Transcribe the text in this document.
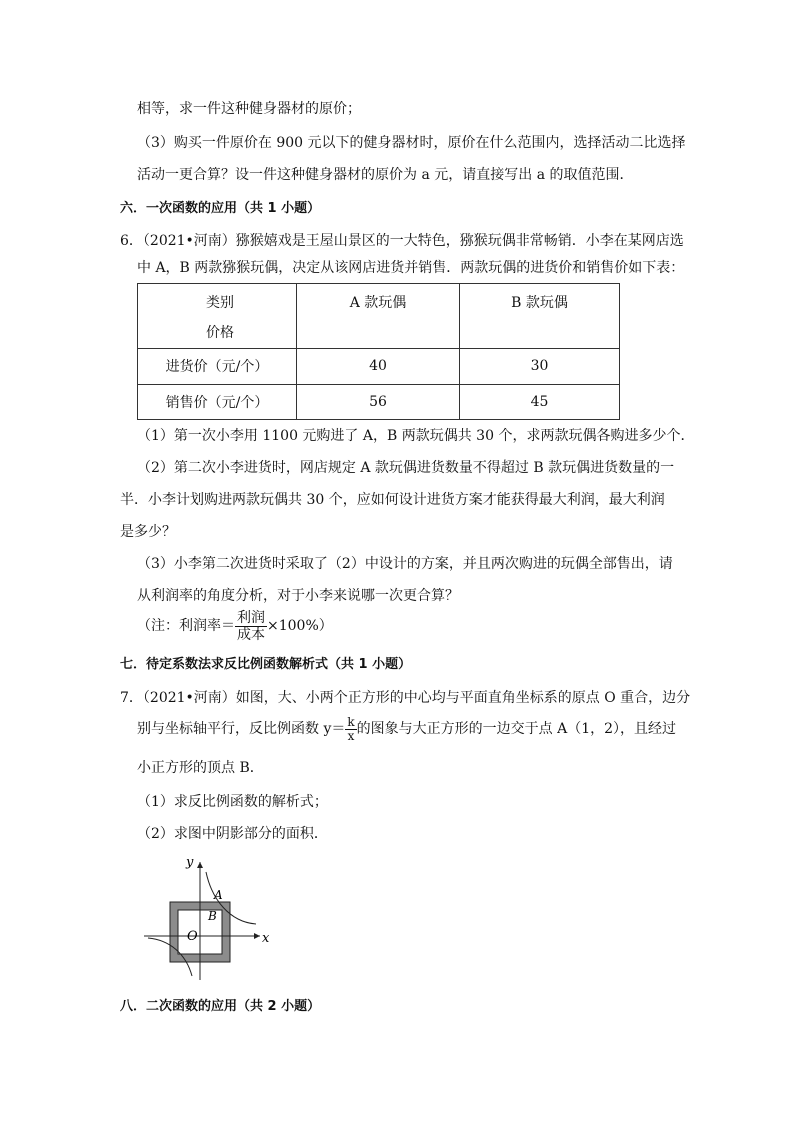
相等，求一件这种健身器材的原价；
（3）购买一件原价在 900 元以下的健身器材时，原价在什么范围内，选择活动二比选择
活动一更合算？设一件这种健身器材的原价为 a 元，请直接写出 a 的取值范围．
六．一次函数的应用（共 1 小题）
6．（2021•河南）猕猴嬉戏是王屋山景区的一大特色，猕猴玩偶非常畅销．小李在某网店选
中 A，B 两款猕猴玩偶，决定从该网店进货并销售．两款玩偶的进货价和销售价如下表：
类别
价格	A 款玩偶	B 款玩偶
进货价（元/个）	40	30
销售价（元/个）	56	45
（1）第一次小李用 1100 元购进了 A，B 两款玩偶共 30 个，求两款玩偶各购进多少个．
（2）第二次小李进货时，网店规定 A 款玩偶进货数量不得超过 B 款玩偶进货数量的一
半．小李计划购进两款玩偶共 30 个，应如何设计进货方案才能获得最大利润，最大利润
是多少？
（3）小李第二次进货时采取了（2）中设计的方案，并且两次购进的玩偶全部售出，请
从利润率的角度分析，对于小李来说哪一次更合算？
（注：利润率＝ $\frac{\text{利润}}{\text{成本}} \times 100\%$）
七．待定系数法求反比例函数解析式（共 1 小题）
7．（2021•河南）如图，大、小两个正方形的中心均与平面直角坐标系的原点 O 重合，边分
别与坐标轴平行，反比例函数 $y= \frac{k}{x}$ 的图象与大正方形的一边交于点 A（1，2），且经过
小正方形的顶点 B．
（1）求反比例函数的解析式；
（2）求图中阴影部分的面积．
y
x
O
A
B
八．二次函数的应用（共 2 小题）
